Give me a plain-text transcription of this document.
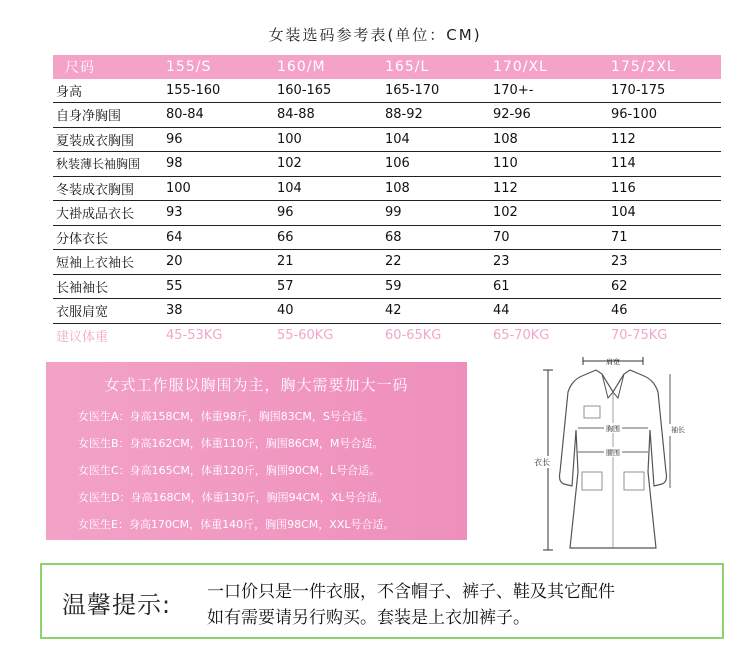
女装选码参考表(单位：CM)
尺码	155/S	160/M	165/L	170/XL	175/2XL
身高	155-160	160-165	165-170	170+-	170-175
自身净胸围	80-84	84-88	88-92	92-96	96-100
夏装成衣胸围	96	100	104	108	112
秋装薄长袖胸围	98	102	106	110	114
冬装成衣胸围	100	104	108	112	116
大褂成品衣长	93	96	99	102	104
分体衣长	64	66	68	70	71
短袖上衣袖长	20	21	22	23	23
长袖袖长	55	57	59	61	62
衣服肩宽	38	40	42	44	46
建议体重	45-53KG	55-60KG	60-65KG	65-70KG	70-75KG
女式工作服以胸围为主，胸大需要加大一码
女医生A：身高158CM，体重98斤，胸围83CM，S号合适。
女医生B：身高162CM，体重110斤，胸围86CM，M号合适。
女医生C：身高165CM，体重120斤，胸围90CM，L号合适。
女医生D：身高168CM，体重130斤，胸围94CM，XL号合适。
女医生E：身高170CM，体重140斤，胸围98CM，XXL号合适。
肩宽
衣长
胸围
腰围
袖长
温馨提示: 一口价只是一件衣服，不含帽子、裤子、鞋及其它配件
如有需要请另行购买。套装是上衣加裤子。
